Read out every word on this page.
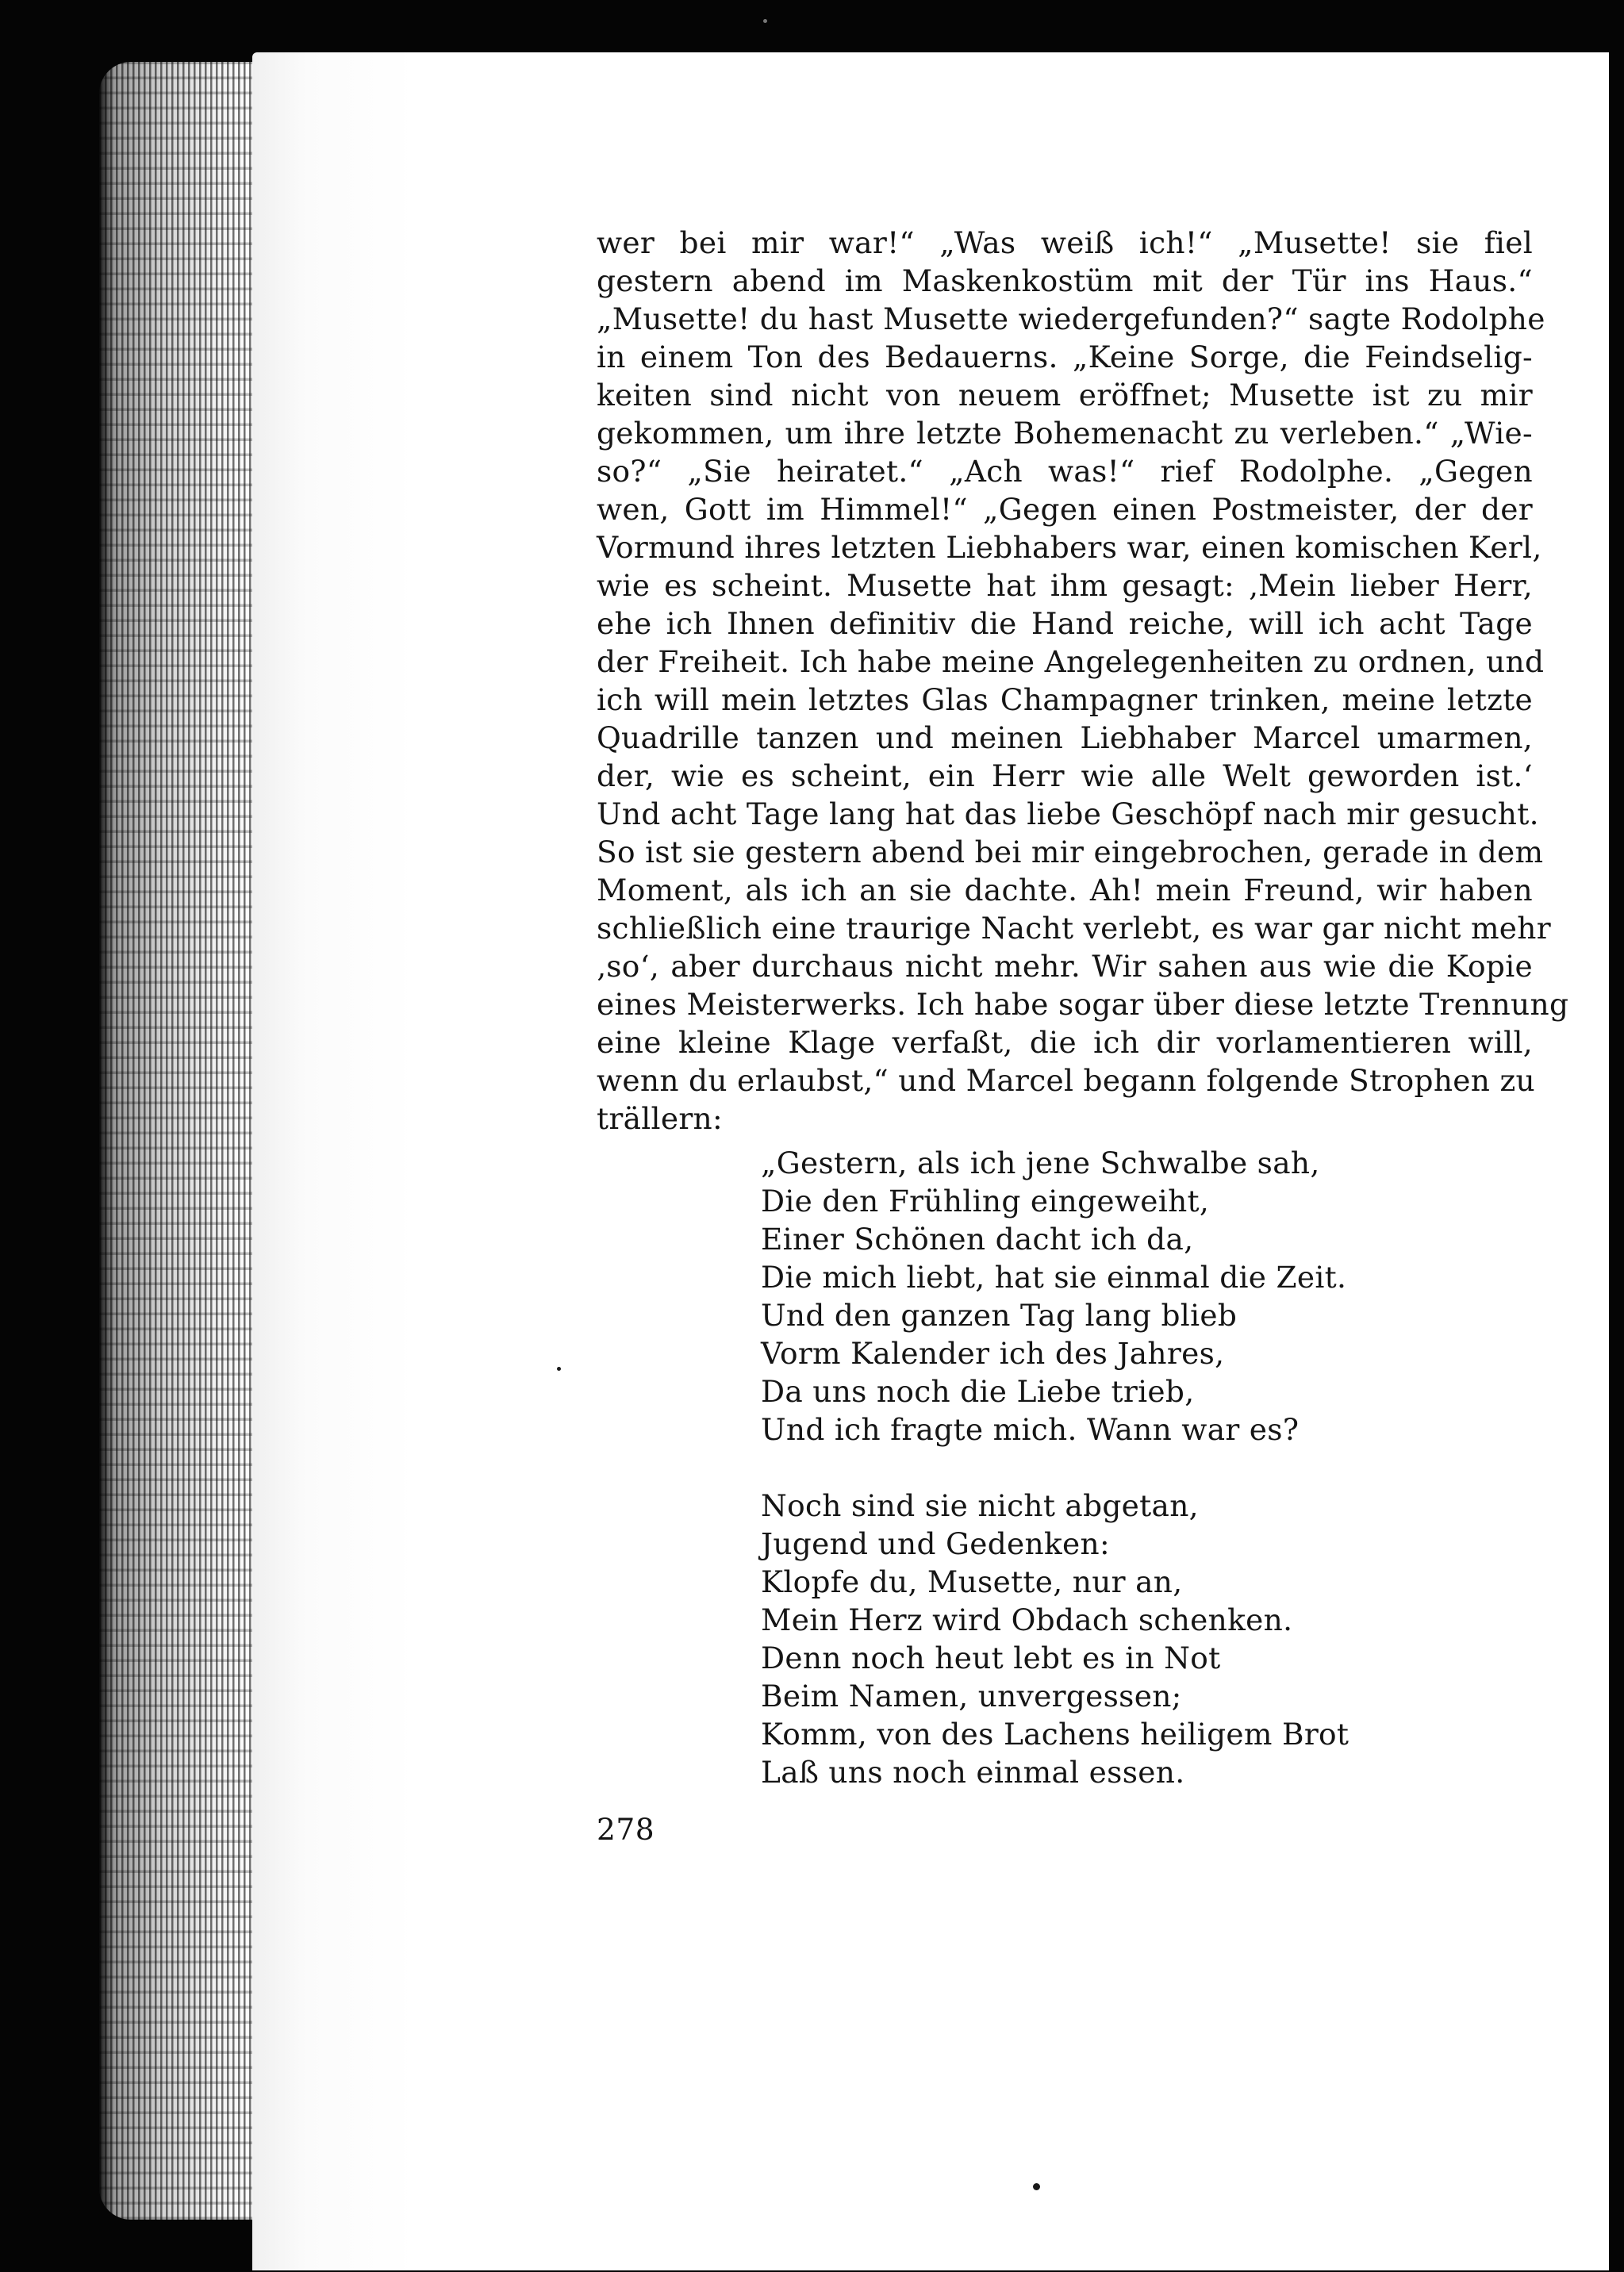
wer bei mir war!“ „Was weiß ich!“ „Musette! sie fiel
gestern abend im Maskenkostüm mit der Tür ins Haus.“
„Musette! du hast Musette wiedergefunden?“ sagte Rodolphe
in einem Ton des Bedauerns. „Keine Sorge, die Feindselig-
keiten sind nicht von neuem eröffnet; Musette ist zu mir
gekommen, um ihre letzte Bohemenacht zu verleben.“ „Wie-
so?“ „Sie heiratet.“ „Ach was!“ rief Rodolphe. „Gegen
wen, Gott im Himmel!“ „Gegen einen Postmeister, der der
Vormund ihres letzten Liebhabers war, einen komischen Kerl,
wie es scheint. Musette hat ihm gesagt: ‚Mein lieber Herr,
ehe ich Ihnen definitiv die Hand reiche, will ich acht Tage
der Freiheit. Ich habe meine Angelegenheiten zu ordnen, und
ich will mein letztes Glas Champagner trinken, meine letzte
Quadrille tanzen und meinen Liebhaber Marcel umarmen,
der, wie es scheint, ein Herr wie alle Welt geworden ist.‘
Und acht Tage lang hat das liebe Geschöpf nach mir gesucht.
So ist sie gestern abend bei mir eingebrochen, gerade in dem
Moment, als ich an sie dachte. Ah! mein Freund, wir haben
schließlich eine traurige Nacht verlebt, es war gar nicht mehr
‚so‘, aber durchaus nicht mehr. Wir sahen aus wie die Kopie
eines Meisterwerks. Ich habe sogar über diese letzte Trennung
eine kleine Klage verfaßt, die ich dir vorlamentieren will,
wenn du erlaubst,“ und Marcel begann folgende Strophen zu
trällern:
„Gestern, als ich jene Schwalbe sah,
Die den Frühling eingeweiht,
Einer Schönen dacht ich da,
Die mich liebt, hat sie einmal die Zeit.
Und den ganzen Tag lang blieb
Vorm Kalender ich des Jahres,
Da uns noch die Liebe trieb,
Und ich fragte mich. Wann war es?
Noch sind sie nicht abgetan,
Jugend und Gedenken:
Klopfe du, Musette, nur an,
Mein Herz wird Obdach schenken.
Denn noch heut lebt es in Not
Beim Namen, unvergessen;
Komm, von des Lachens heiligem Brot
Laß uns noch einmal essen.
278
